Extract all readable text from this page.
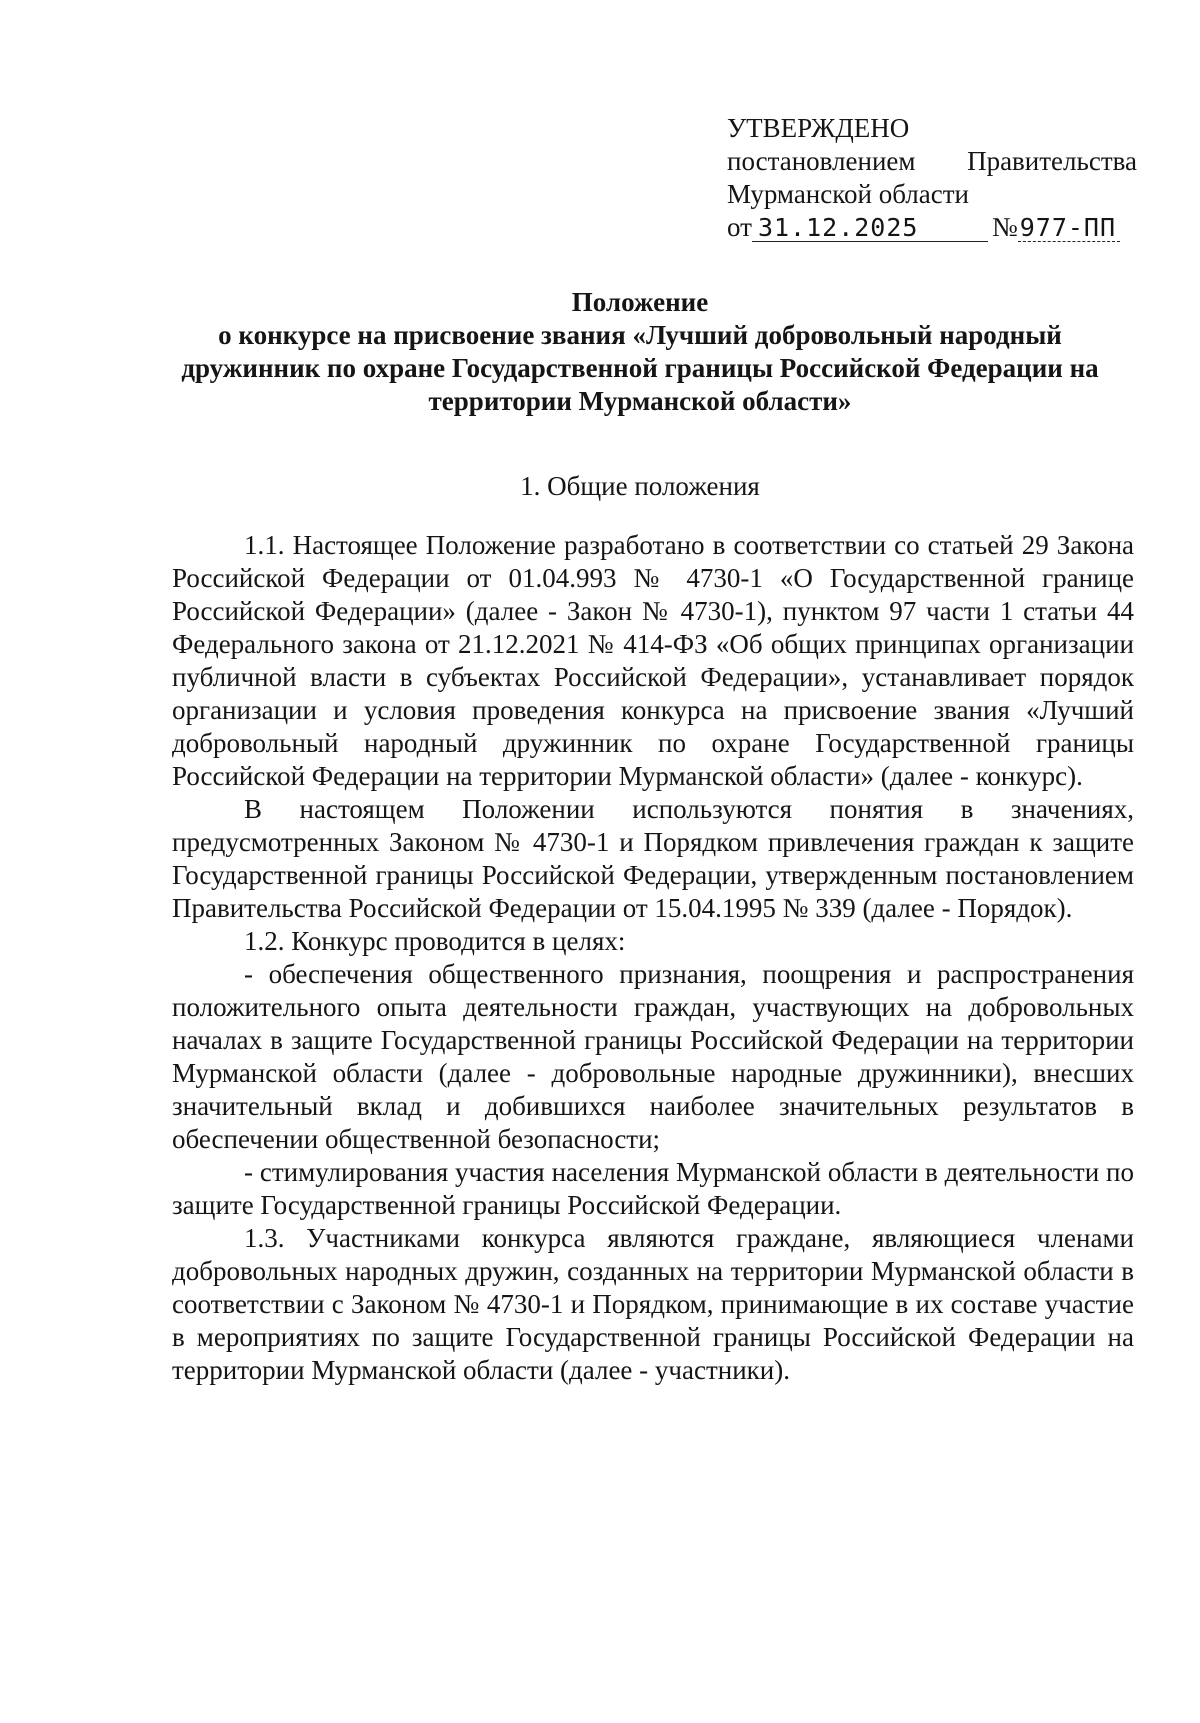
УТВЕРЖДЕНО
постановлением Правительства
Мурманской области
от 31.12.2025	№ 977-ПП
Положение
о конкурсе на присвоение звания «Лучший добровольный народный дружинник по охране Государственной границы Российской Федерации на территории Мурманской области»
1. Общие положения

1.1. Настоящее Положение разработано в соответствии со статьей 29 Закона Российской Федерации от 01.04.993 № 4730-1 «О Государственной границе Российской Федерации» (далее - Закон № 4730-1), пунктом 97 части 1 статьи 44 Федерального закона от 21.12.2021 № 414-ФЗ «Об общих принципах организации публичной власти в субъектах Российской Федерации», устанавливает порядок организации и условия проведения конкурса на присвоение звания «Лучший добровольный народный дружинник по охране Государственной границы Российской Федерации на территории Мурманской области» (далее - конкурс).

В настоящем Положении используются понятия в значениях, предусмотренных Законом № 4730-1 и Порядком привлечения граждан к защите Государственной границы Российской Федерации, утвержденным постановлением Правительства Российской Федерации от 15.04.1995 № 339 (далее - Порядок).

1.2. Конкурс проводится в целях:

- обеспечения общественного признания, поощрения и распространения положительного опыта деятельности граждан, участвующих на добровольных началах в защите Государственной границы Российской Федерации на территории Мурманской области (далее - добровольные народные дружинники), внесших значительный вклад и добившихся наиболее значительных результатов в обеспечении общественной безопасности;

- стимулирования участия населения Мурманской области в деятельности по защите Государственной границы Российской Федерации.

1.3. Участниками конкурса являются граждане, являющиеся членами добровольных народных дружин, созданных на территории Мурманской области в соответствии с Законом № 4730-1 и Порядком, принимающие в их составе участие в мероприятиях по защите Государственной границы Российской Федерации на территории Мурманской области (далее - участники).
